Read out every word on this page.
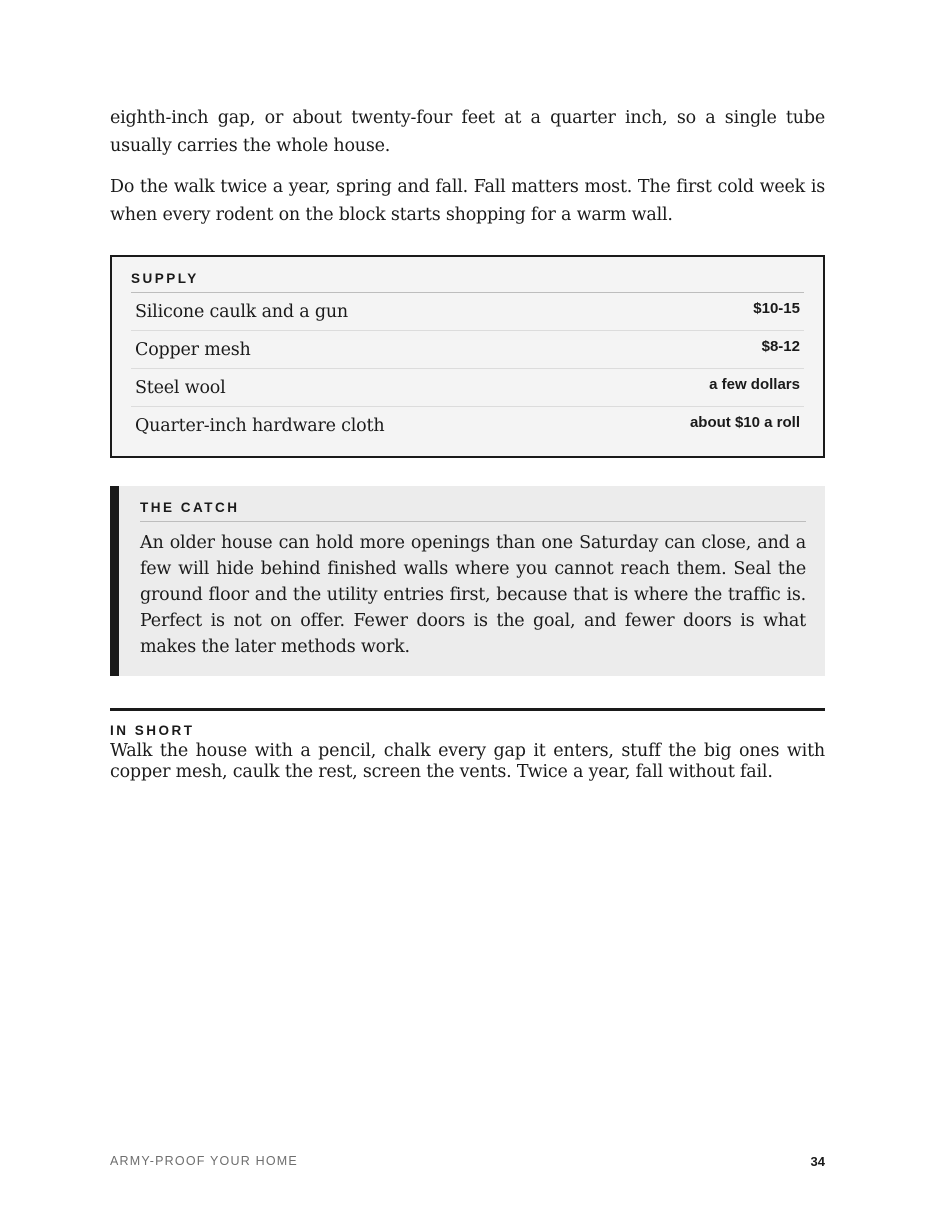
eighth-inch gap, or about twenty-four feet at a quarter inch, so a single tube usually carries the whole house.

Do the walk twice a year, spring and fall. Fall matters most. The first cold week is when every rodent on the block starts shopping for a warm wall.

SUPPLY
Silicone caulk and a gun	$10-15
Copper mesh	$8-12
Steel wool	a few dollars
Quarter-inch hardware cloth	about $10 a roll
THE CATCH

An older house can hold more openings than one Saturday can close, and a few will hide behind finished walls where you cannot reach them. Seal the ground floor and the utility entries first, because that is where the traffic is. Perfect is not on offer. Fewer doors is the goal, and fewer doors is what makes the later methods work.

IN SHORT

Walk the house with a pencil, chalk every gap it enters, stuff the big ones with copper mesh, caulk the rest, screen the vents. Twice a year, fall without fail.

ARMY-PROOF YOUR HOME	34
